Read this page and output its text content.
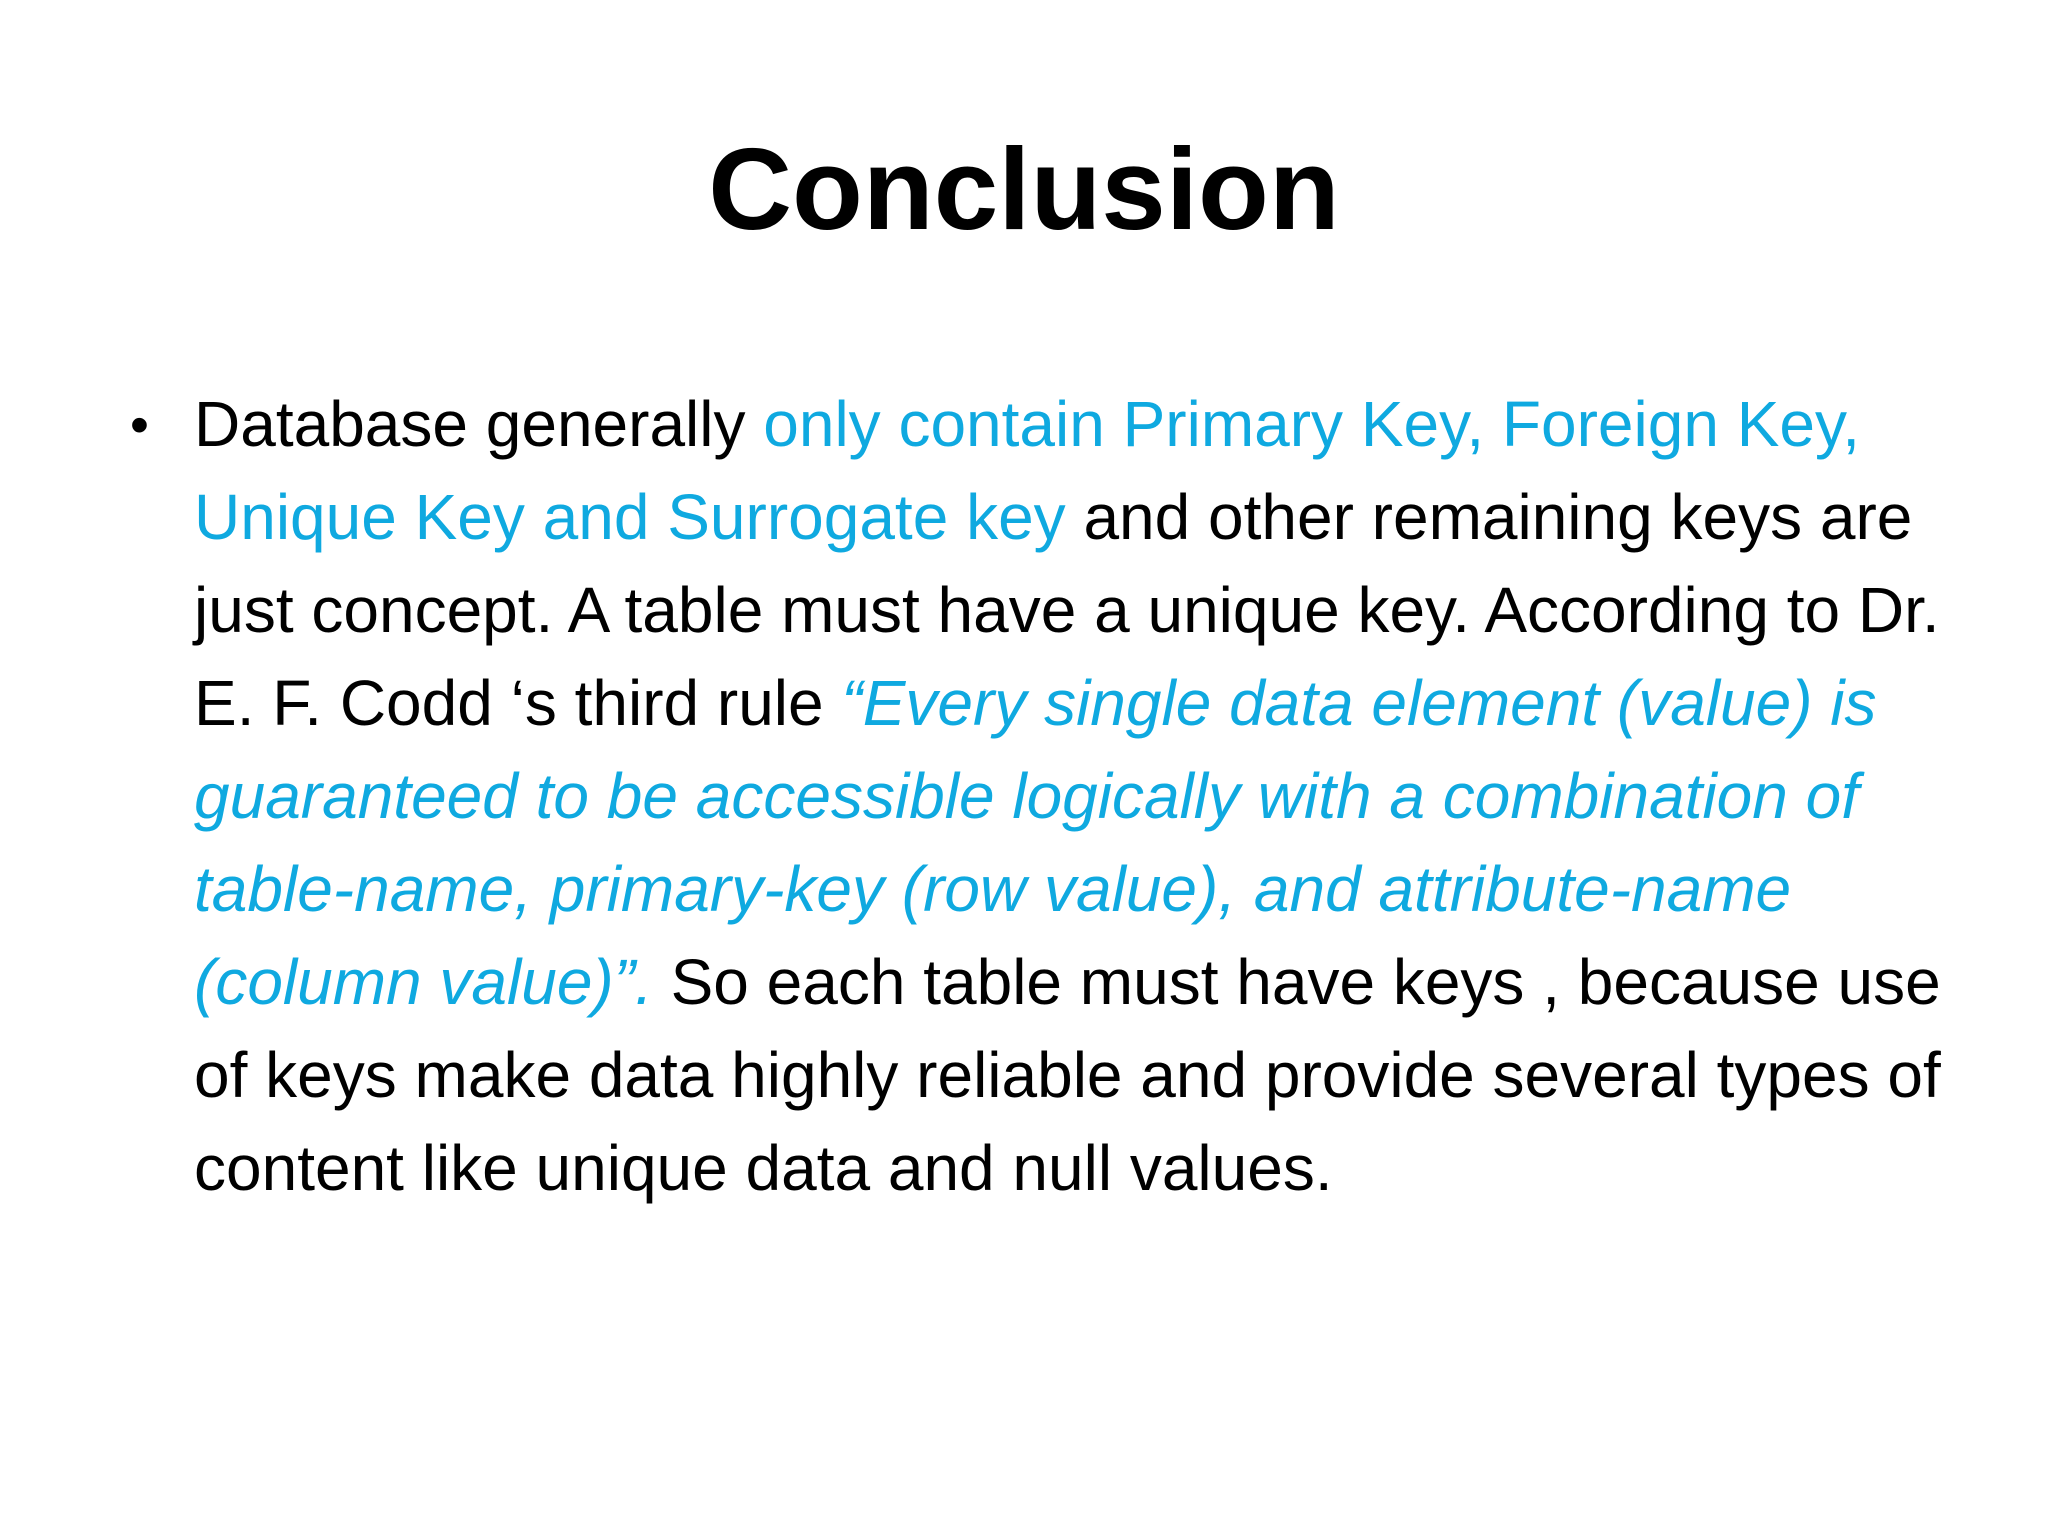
Conclusion
• Database generally only contain Primary Key, Foreign Key, Unique Key and Surrogate key and other remaining keys are just concept. A table must have a unique key. According to Dr. E. F. Codd ‘s third rule “Every single data element (value) is guaranteed to be accessible logically with a combination of table-name, primary-key (row value), and attribute-name (column value)”. So each table must have keys , because use of keys make data highly reliable and provide several types of content like unique data and null values.
